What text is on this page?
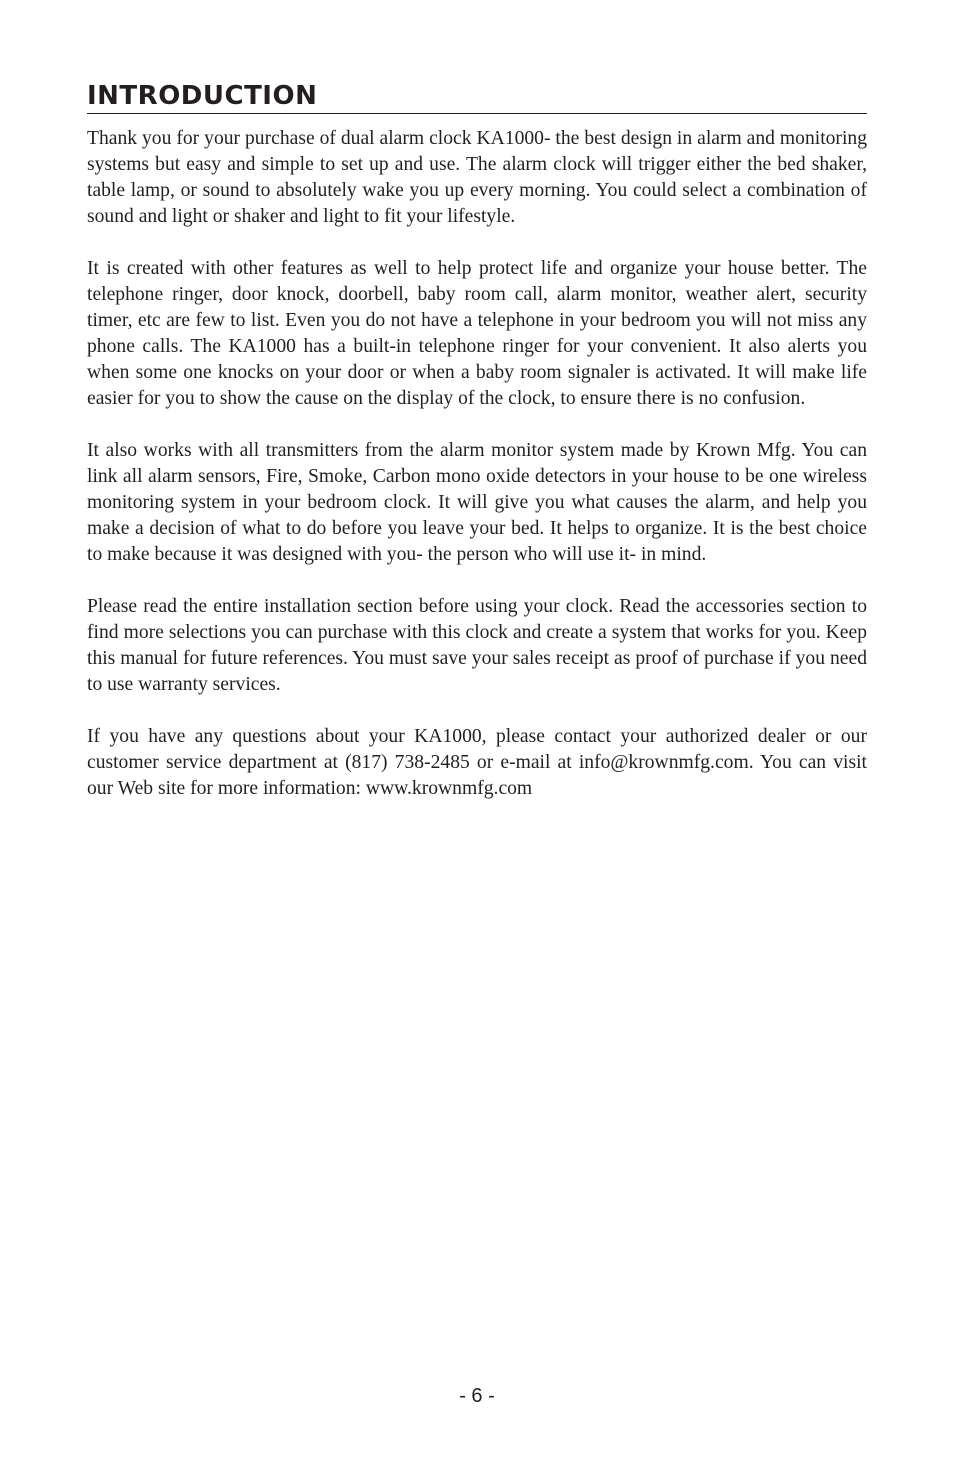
INTRODUCTION

Thank you for your purchase of dual alarm clock KA1000- the best design in alarm and monitoring systems but easy and simple to set up and use. The alarm clock will trigger either the bed shaker, table lamp, or sound to absolutely wake you up every morning. You could select a combination of sound and light or shaker and light to fit your lifestyle.

It is created with other features as well to help protect life and organize your house better. The telephone ringer, door knock, doorbell, baby room call, alarm monitor, weather alert, security timer, etc are few to list. Even you do not have a telephone in your bedroom you will not miss any phone calls. The KA1000 has a built-in telephone ringer for your convenient. It also alerts you when some one knocks on your door or when a baby room signaler is activated. It will make life easier for you to show the cause on the display of the clock, to ensure there is no confusion.

It also works with all transmitters from the alarm monitor system made by Krown Mfg. You can link all alarm sensors, Fire, Smoke, Carbon mono oxide detectors in your house to be one wireless monitoring system in your bedroom clock. It will give you what causes the alarm, and help you make a decision of what to do before you leave your bed. It helps to organize. It is the best choice to make because it was designed with you- the person who will use it- in mind.

Please read the entire installation section before using your clock. Read the accessories section to find more selections you can purchase with this clock and create a system that works for you. Keep this manual for future references. You must save your sales receipt as proof of purchase if you need to use warranty services.

If you have any questions about your KA1000, please contact your authorized dealer or our customer service department at (817) 738-2485 or e-mail at info@krownmfg.com. You can visit our Web site for more information: www.krownmfg.com

- 6 -
